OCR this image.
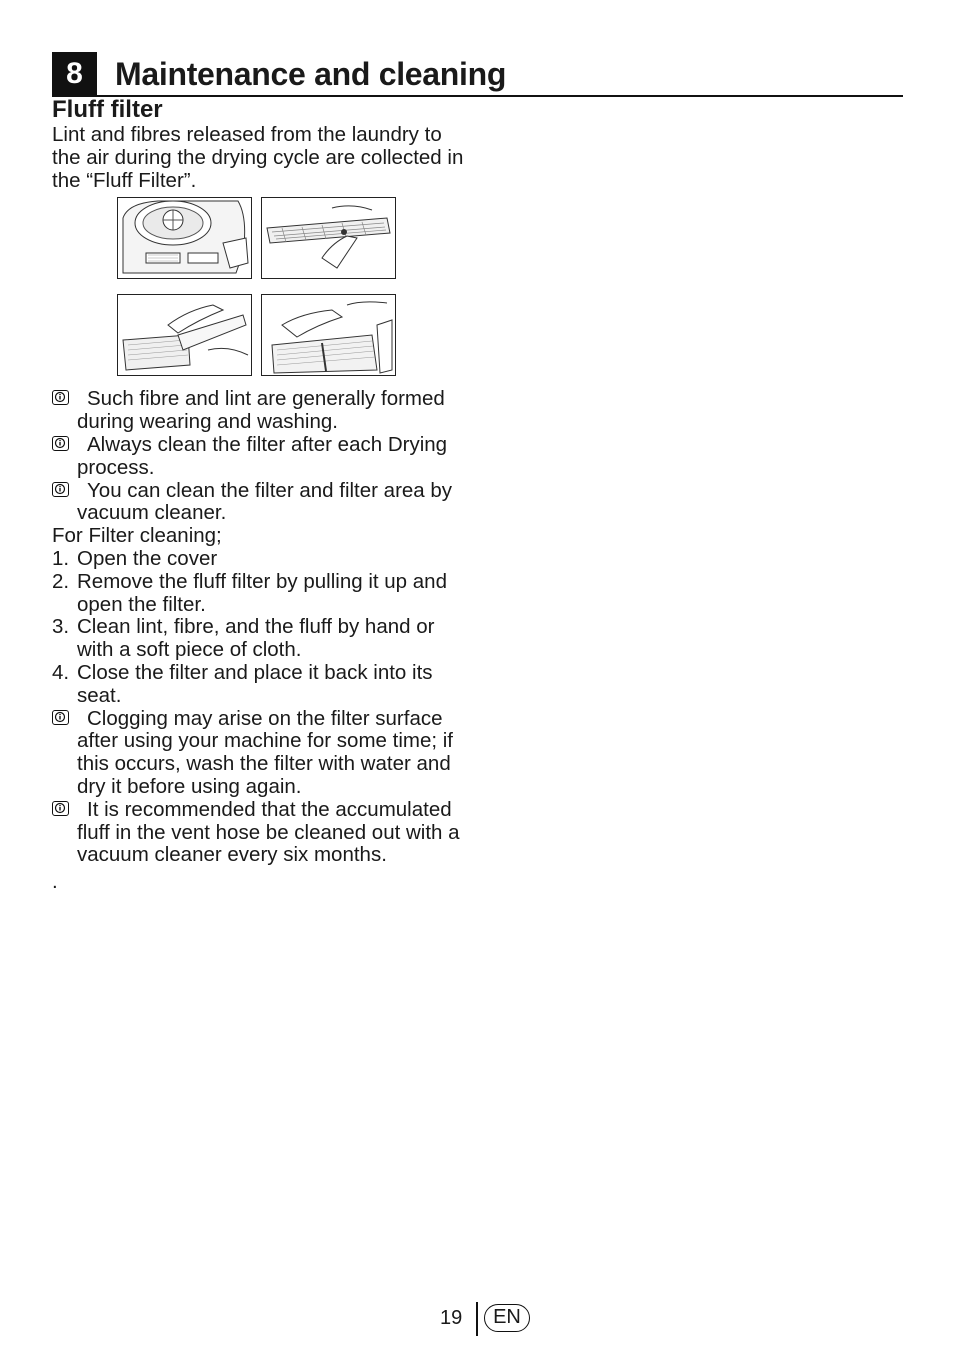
8	Maintenance and cleaning
Fluff filter

Lint and fibres released from the laundry to the air during the drying cycle are collected in the “Fluff Filter”.

Such fibre and lint are generally formed during wearing and washing.
Always clean the filter after each Drying process.
You can clean the filter and filter area by vacuum cleaner.

For Filter cleaning;

1. Open the cover
2. Remove the fluff filter by pulling it up and open the filter.
3. Clean lint, fibre, and the fluff by hand or with a soft piece of cloth.
4. Close the filter and place it back into its seat.
Clogging may arise on the filter surface after using your machine for some time; if this occurs, wash the filter with water and dry it before using again.
It is recommended that the accumulated fluff in the vent hose be cleaned out with a vacuum cleaner every six months.

.

19	EN
